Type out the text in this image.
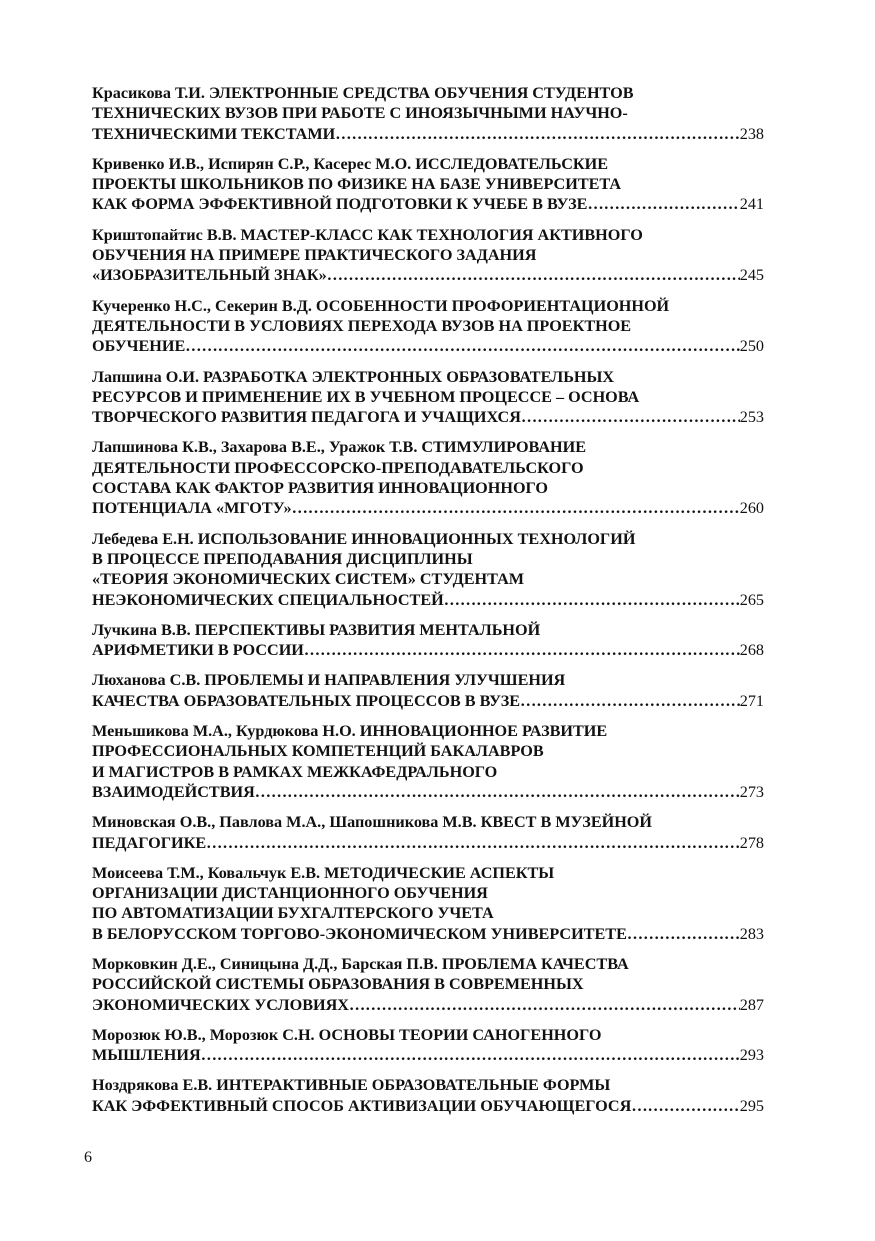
Красикова Т.И. ЭЛЕКТРОННЫЕ СРЕДСТВА ОБУЧЕНИЯ СТУДЕНТОВ
ТЕХНИЧЕСКИХ ВУЗОВ ПРИ РАБОТЕ С ИНОЯЗЫЧНЫМИ НАУЧНО-
ТЕХНИЧЕСКИМИ ТЕКСТАМИ …………………………………………………………………………………………………………………………………………………………	238
Кривенко И.В., Испирян С.Р., Касерес М.О. ИССЛЕДОВАТЕЛЬСКИЕ
ПРОЕКТЫ ШКОЛЬНИКОВ ПО ФИЗИКЕ НА БАЗЕ УНИВЕРСИТЕТА
КАК ФОРМА ЭФФЕКТИВНОЙ ПОДГОТОВКИ К УЧЕБЕ В ВУЗЕ …………………………………………………………………………………………………………………………………………………………	241
Криштопайтис В.В. МАСТЕР-КЛАСС КАК ТЕХНОЛОГИЯ АКТИВНОГО
ОБУЧЕНИЯ НА ПРИМЕРЕ ПРАКТИЧЕСКОГО ЗАДАНИЯ
«ИЗОБРАЗИТЕЛЬНЫЙ ЗНАК» …………………………………………………………………………………………………………………………………………………………	245
Кучеренко Н.С., Секерин В.Д. ОСОБЕННОСТИ ПРОФОРИЕНТАЦИОННОЙ
ДЕЯТЕЛЬНОСТИ В УСЛОВИЯХ ПЕРЕХОДА ВУЗОВ НА ПРОЕКТНОЕ
ОБУЧЕНИЕ …………………………………………………………………………………………………………………………………………………………	250
Лапшина О.И. РАЗРАБОТКА ЭЛЕКТРОННЫХ ОБРАЗОВАТЕЛЬНЫХ
РЕСУРСОВ И ПРИМЕНЕНИЕ ИХ В УЧЕБНОМ ПРОЦЕССЕ – ОСНОВА
ТВОРЧЕСКОГО РАЗВИТИЯ ПЕДАГОГА И УЧАЩИХСЯ …………………………………………………………………………………………………………………………………………………………	253
Лапшинова К.В., Захарова В.Е., Уражок Т.В. СТИМУЛИРОВАНИЕ
ДЕЯТЕЛЬНОСТИ ПРОФЕССОРСКО-ПРЕПОДАВАТЕЛЬСКОГО
СОСТАВА КАК ФАКТОР РАЗВИТИЯ ИННОВАЦИОННОГО
ПОТЕНЦИАЛА «МГОТУ» …………………………………………………………………………………………………………………………………………………………	260
Лебедева Е.Н. ИСПОЛЬЗОВАНИЕ ИННОВАЦИОННЫХ ТЕХНОЛОГИЙ
В ПРОЦЕССЕ ПРЕПОДАВАНИЯ ДИСЦИПЛИНЫ
«ТЕОРИЯ ЭКОНОМИЧЕСКИХ СИСТЕМ» СТУДЕНТАМ
НЕЭКОНОМИЧЕСКИХ СПЕЦИАЛЬНОСТЕЙ …………………………………………………………………………………………………………………………………………………………	265
Лучкина В.В. ПЕРСПЕКТИВЫ РАЗВИТИЯ МЕНТАЛЬНОЙ
АРИФМЕТИКИ В РОССИИ …………………………………………………………………………………………………………………………………………………………	268
Люханова С.В. ПРОБЛЕМЫ И НАПРАВЛЕНИЯ УЛУЧШЕНИЯ
КАЧЕСТВА ОБРАЗОВАТЕЛЬНЫХ ПРОЦЕССОВ В ВУЗЕ …………………………………………………………………………………………………………………………………………………………	271
Меньшикова М.А., Курдюкова Н.О. ИННОВАЦИОННОЕ РАЗВИТИЕ
ПРОФЕССИОНАЛЬНЫХ КОМПЕТЕНЦИЙ БАКАЛАВРОВ
И МАГИСТРОВ В РАМКАХ МЕЖКАФЕДРАЛЬНОГО
ВЗАИМОДЕЙСТВИЯ …………………………………………………………………………………………………………………………………………………………	273
Миновская О.В., Павлова М.А., Шапошникова М.В. КВЕСТ В МУЗЕЙНОЙ
ПЕДАГОГИКЕ …………………………………………………………………………………………………………………………………………………………	278
Моисеева Т.М., Ковальчук Е.В. МЕТОДИЧЕСКИЕ АСПЕКТЫ
ОРГАНИЗАЦИИ ДИСТАНЦИОННОГО ОБУЧЕНИЯ
ПО АВТОМАТИЗАЦИИ БУХГАЛТЕРСКОГО УЧЕТА
В БЕЛОРУССКОМ ТОРГОВО-ЭКОНОМИЧЕСКОМ УНИВЕРСИТЕТЕ …………………………………………………………………………………………………………………………………………………………	283
Морковкин Д.Е., Синицына Д.Д., Барская П.В. ПРОБЛЕМА КАЧЕСТВА
РОССИЙСКОЙ СИСТЕМЫ ОБРАЗОВАНИЯ В СОВРЕМЕННЫХ
ЭКОНОМИЧЕСКИХ УСЛОВИЯХ …………………………………………………………………………………………………………………………………………………………	287
Морозюк Ю.В., Морозюк С.Н. ОСНОВЫ ТЕОРИИ САНОГЕННОГО
МЫШЛЕНИЯ …………………………………………………………………………………………………………………………………………………………	293
Ноздрякова Е.В. ИНТЕРАКТИВНЫЕ ОБРАЗОВАТЕЛЬНЫЕ ФОРМЫ
КАК ЭФФЕКТИВНЫЙ СПОСОБ АКТИВИЗАЦИИ ОБУЧАЮЩЕГОСЯ …………………………………………………………………………………………………………………………………………………………	295
6
